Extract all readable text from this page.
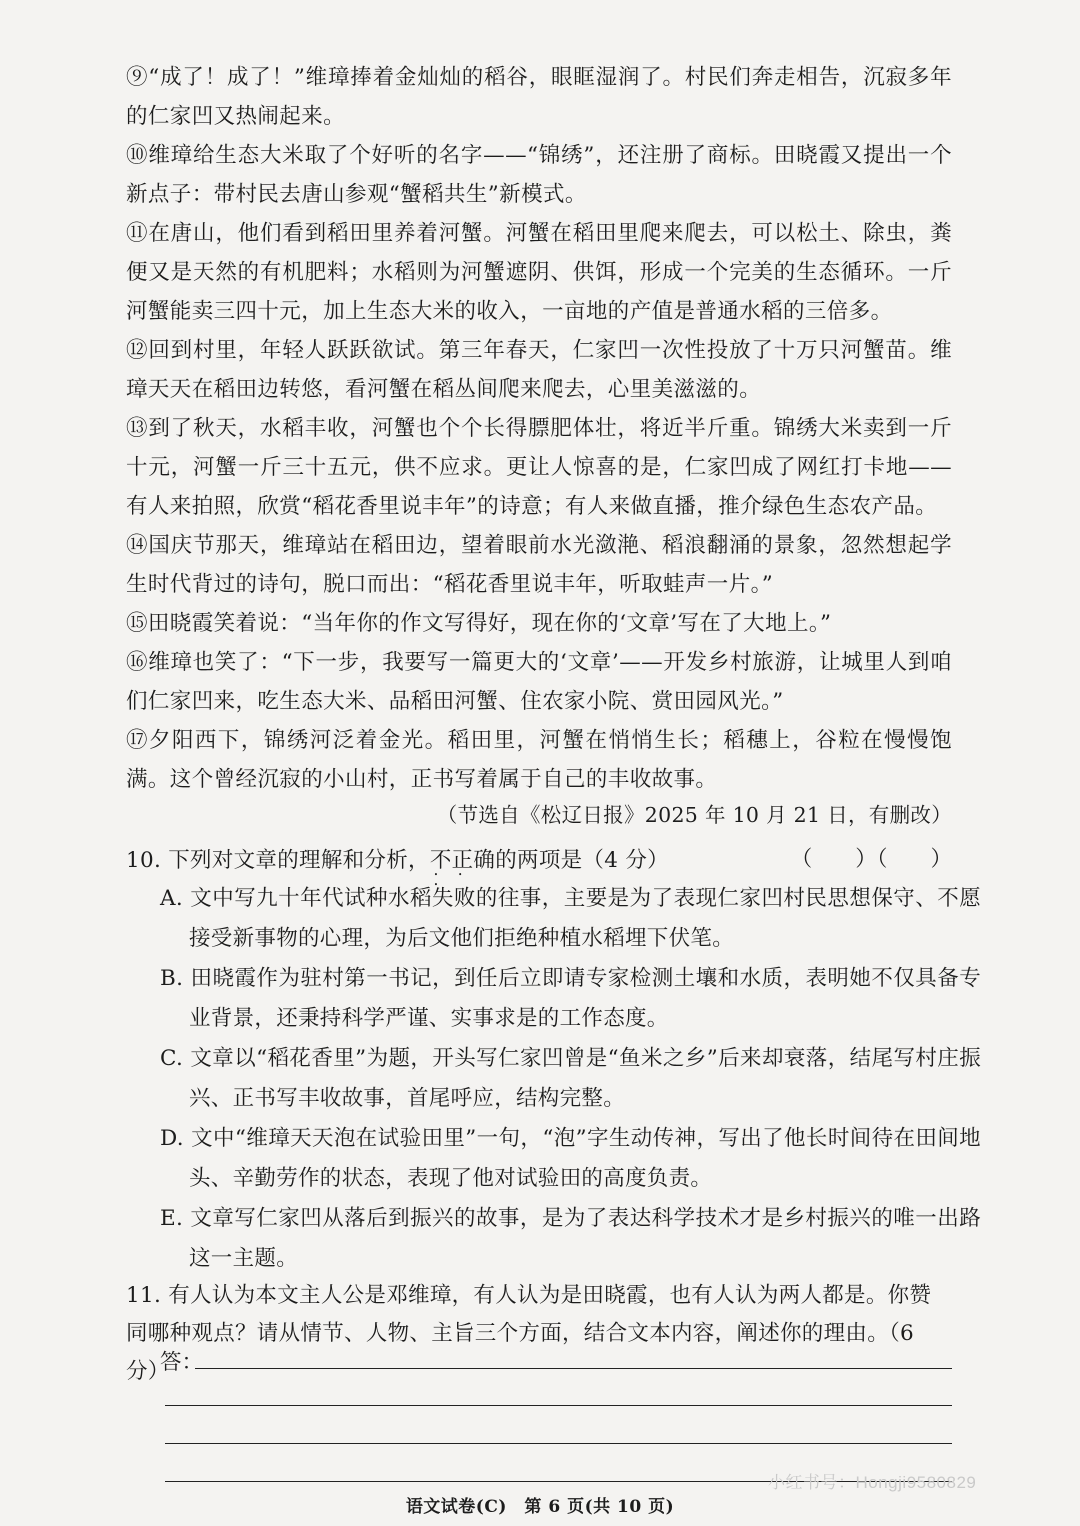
⑨“成了！成了！”维璋捧着金灿灿的稻谷，眼眶湿润了。村民们奔走相告，沉寂多年的仁家凹又热闹起来。

⑩维璋给生态大米取了个好听的名字——“锦绣”，还注册了商标。田晓霞又提出一个新点子：带村民去唐山参观“蟹稻共生”新模式。

⑪在唐山，他们看到稻田里养着河蟹。河蟹在稻田里爬来爬去，可以松土、除虫，粪便又是天然的有机肥料；水稻则为河蟹遮阴、供饵，形成一个完美的生态循环。一斤河蟹能卖三四十元，加上生态大米的收入，一亩地的产值是普通水稻的三倍多。

⑫回到村里，年轻人跃跃欲试。第三年春天，仁家凹一次性投放了十万只河蟹苗。维璋天天在稻田边转悠，看河蟹在稻丛间爬来爬去，心里美滋滋的。

⑬到了秋天，水稻丰收，河蟹也个个长得膘肥体壮，将近半斤重。锦绣大米卖到一斤十元，河蟹一斤三十五元，供不应求。更让人惊喜的是，仁家凹成了网红打卡地——有人来拍照，欣赏“稻花香里说丰年”的诗意；有人来做直播，推介绿色生态农产品。

⑭国庆节那天，维璋站在稻田边，望着眼前水光潋滟、稻浪翻涌的景象，忽然想起学生时代背过的诗句，脱口而出：“稻花香里说丰年，听取蛙声一片。”

⑮田晓霞笑着说：“当年你的作文写得好，现在你的‘文章’写在了大地上。”

⑯维璋也笑了：“下一步，我要写一篇更大的‘文章’——开发乡村旅游，让城里人到咱们仁家凹来，吃生态大米、品稻田河蟹、住农家小院、赏田园风光。”

⑰夕阳西下，锦绣河泛着金光。稻田里，河蟹在悄悄生长；稻穗上，谷粒在慢慢饱满。这个曾经沉寂的小山村，正书写着属于自己的丰收故事。

（节选自《松辽日报》2025 年 10 月 21 日，有删改）

10. 下列对文章的理解和分析，不正确 • • •的两项是（4 分）	（　　）（　　）

A. 文中写九十年代试种水稻失败的往事，主要是为了表现仁家凹村民思想保守、不愿接受新事物的心理，为后文他们拒绝种植水稻埋下伏笔。

B. 田晓霞作为驻村第一书记，到任后立即请专家检测土壤和水质，表明她不仅具备专业背景，还秉持科学严谨、实事求是的工作态度。

C. 文章以“稻花香里”为题，开头写仁家凹曾是“鱼米之乡”后来却衰落，结尾写村庄振兴、正书写丰收故事，首尾呼应，结构完整。

D. 文中“维璋天天泡在试验田里”一句，“泡”字生动传神，写出了他长时间待在田间地头、辛勤劳作的状态，表现了他对试验田的高度负责。

E. 文章写仁家凹从落后到振兴的故事，是为了表达科学技术才是乡村振兴的唯一出路这一主题。

11. 有人认为本文主人公是邓维璋，有人认为是田晓霞，也有人认为两人都是。你赞同哪种观点？请从情节、人物、主旨三个方面，结合文本内容，阐述你的理由。（6 分）

答：
小红书号：Hongji9580829
语文试卷(C)　第 6 页(共 10 页)
